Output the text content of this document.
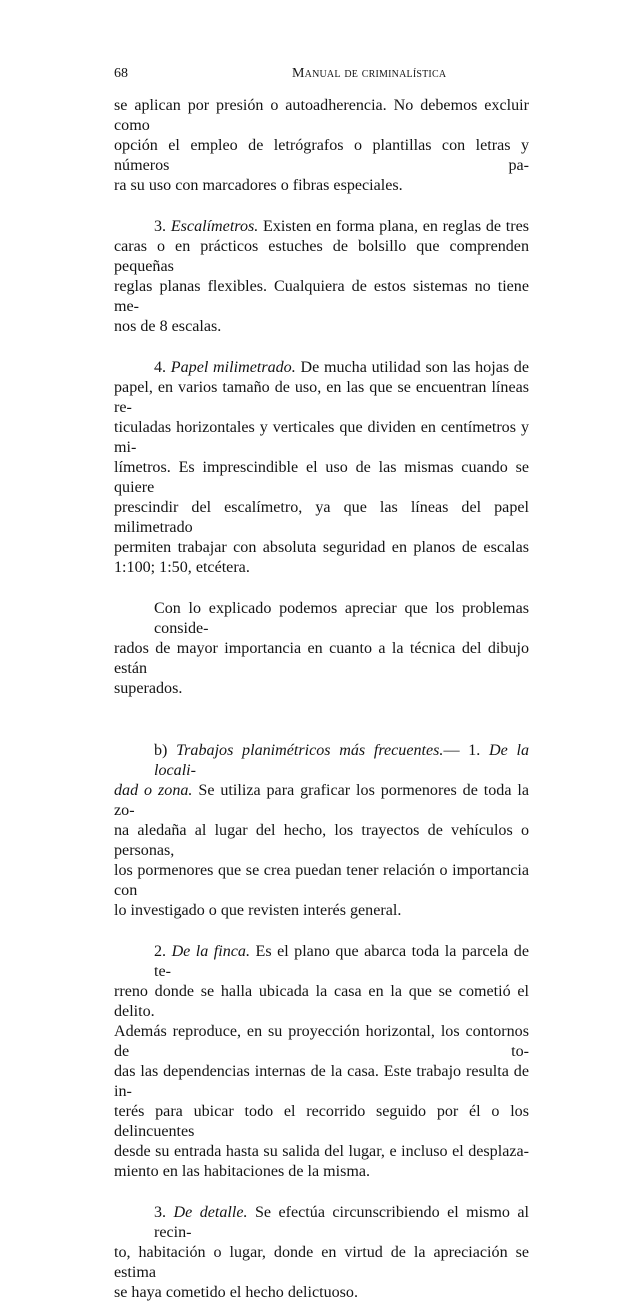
68	Manual de criminalística

se aplican por presión o autoadherencia. No debemos excluir como
opción el empleo de letrógrafos o plantillas con letras y números pa-
ra su uso con marcadores o fibras especiales.

3. Escalímetros. Existen en forma plana, en reglas de tres
caras o en prácticos estuches de bolsillo que comprenden pequeñas
reglas planas flexibles. Cualquiera de estos sistemas no tiene me-
nos de 8 escalas.

4. Papel milimetrado. De mucha utilidad son las hojas de
papel, en varios tamaño de uso, en las que se encuentran líneas re-
ticuladas horizontales y verticales que dividen en centímetros y mi-
límetros. Es imprescindible el uso de las mismas cuando se quiere
prescindir del escalímetro, ya que las líneas del papel milimetrado
permiten trabajar con absoluta seguridad en planos de escalas
1:100; 1:50, etcétera.

Con lo explicado podemos apreciar que los problemas conside-
rados de mayor importancia en cuanto a la técnica del dibujo están
superados.

b) Trabajos planimétricos más frecuentes.— 1. De la locali-
dad o zona. Se utiliza para graficar los pormenores de toda la zo-
na aledaña al lugar del hecho, los trayectos de vehículos o personas,
los pormenores que se crea puedan tener relación o importancia con
lo investigado o que revisten interés general.

2. De la finca. Es el plano que abarca toda la parcela de te-
rreno donde se halla ubicada la casa en la que se cometió el delito.
Además reproduce, en su proyección horizontal, los contornos de to-
das las dependencias internas de la casa. Este trabajo resulta de in-
terés para ubicar todo el recorrido seguido por él o los delincuentes
desde su entrada hasta su salida del lugar, e incluso el desplaza-
miento en las habitaciones de la misma.

3. De detalle. Se efectúa circunscribiendo el mismo al recin-
to, habitación o lugar, donde en virtud de la apreciación se estima
se haya cometido el hecho delictuoso.
